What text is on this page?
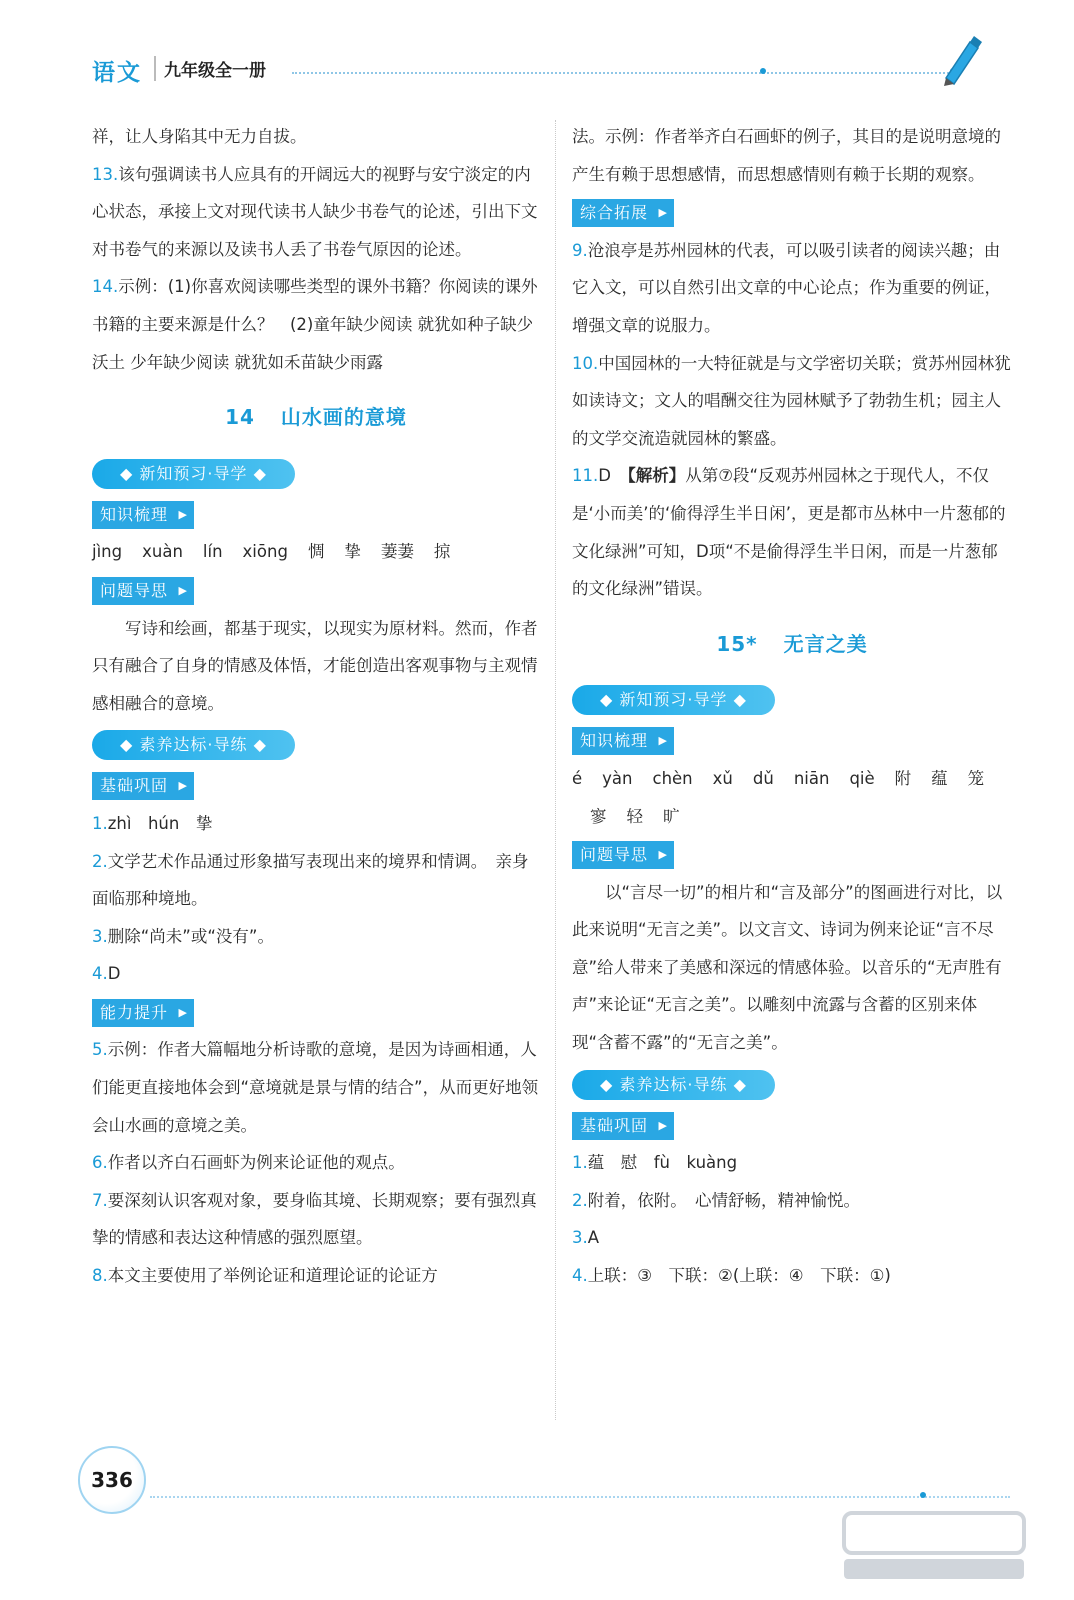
语文	九年级全一册

祥，让人身陷其中无力自拔。

13.该句强调读书人应具有的开阔远大的视野与安宁淡定的内心状态，承接上文对现代读书人缺少书卷气的论述，引出下文对书卷气的来源以及读书人丢了书卷气原因的论述。

14.示例：(1)你喜欢阅读哪些类型的课外书籍？你阅读的课外书籍的主要来源是什么？　(2)童年缺少阅读 就犹如种子缺少沃土 少年缺少阅读 就犹如禾苗缺少雨露

14 山水画的意境
◆ 新知预习·导学 ◆
知识梳理 ▶

jìng xuàn lín xiōng 惆 挚 萋萋 掠

问题导思 ▶

写诗和绘画，都基于现实，以现实为原材料。然而，作者只有融合了自身的情感及体悟，才能创造出客观事物与主观情感相融合的意境。

◆ 素养达标·导练 ◆
基础巩固 ▶

1.zhì　hún　挚

2.文学艺术作品通过形象描写表现出来的境界和情调。　亲身面临那种境地。

3.删除“尚未”或“没有”。

4.D

能力提升 ▶

5.示例：作者大篇幅地分析诗歌的意境，是因为诗画相通，人们能更直接地体会到“意境就是景与情的结合”，从而更好地领会山水画的意境之美。

6.作者以齐白石画虾为例来论证他的观点。

7.要深刻认识客观对象，要身临其境、长期观察；要有强烈真挚的情感和表达这种情感的强烈愿望。

8.本文主要使用了举例论证和道理论证的论证方

法。示例：作者举齐白石画虾的例子，其目的是说明意境的产生有赖于思想感情，而思想感情则有赖于长期的观察。

综合拓展 ▶

9.沧浪亭是苏州园林的代表，可以吸引读者的阅读兴趣；由它入文，可以自然引出文章的中心论点；作为重要的例证，增强文章的说服力。

10.中国园林的一大特征就是与文学密切关联；赏苏州园林犹如读诗文；文人的唱酬交往为园林赋予了勃勃生机；园主人的文学交流造就园林的繁盛。

11.D　【解析】从第⑦段“反观苏州园林之于现代人，不仅是‘小而美’的‘偷得浮生半日闲’，更是都市丛林中一片葱郁的文化绿洲”可知，D项“不是偷得浮生半日闲，而是一片葱郁的文化绿洲”错误。

15* 无言之美
◆ 新知预习·导学 ◆
知识梳理 ▶

é yàn chèn xǔ dǔ niān qiè 附 蕴 笼

寥 轻 旷

问题导思 ▶

以“言尽一切”的相片和“言及部分”的图画进行对比，以此来说明“无言之美”。以文言文、诗词为例来论证“言不尽意”给人带来了美感和深远的情感体验。以音乐的“无声胜有声”来论证“无言之美”。以雕刻中流露与含蓄的区别来体现“含蓄不露”的“无言之美”。

◆ 素养达标·导练 ◆
基础巩固 ▶

1.蕴　慰　fù　kuàng

2.附着，依附。　心情舒畅，精神愉悦。

3.A

4.上联：③　下联：②(上联：④　下联：①)

336
